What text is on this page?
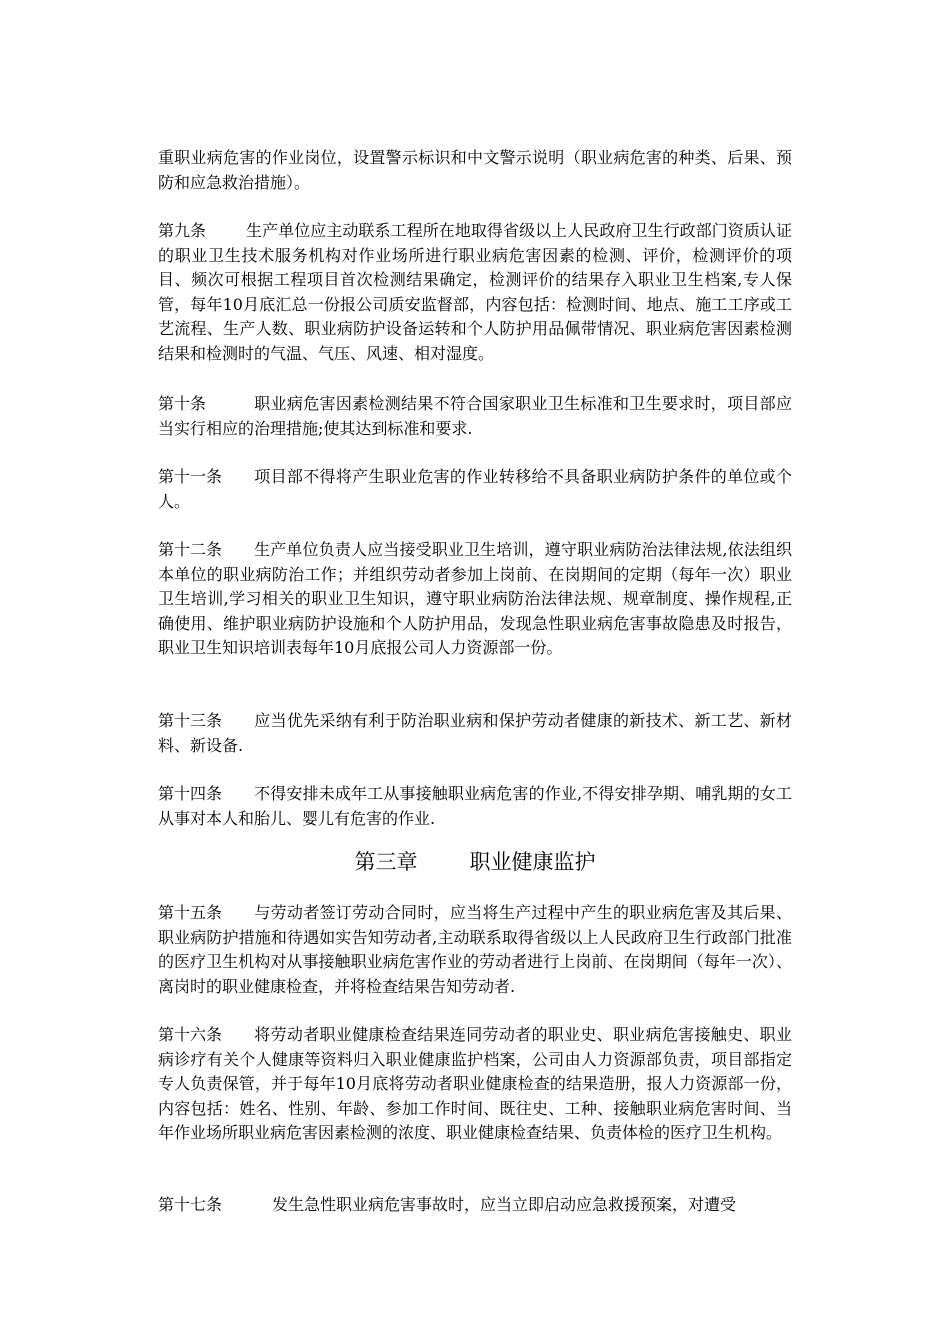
重职业病危害的作业岗位，设置警示标识和中文警示说明（职业病危害的种类、后果、预防和应急救治措施）。

第九条 生产单位应主动联系工程所在地取得省级以上人民政府卫生行政部门资质认证的职业卫生技术服务机构对作业场所进行职业病危害因素的检测、评价，检测评价的项目、频次可根据工程项目首次检测结果确定，检测评价的结果存入职业卫生档案,专人保管，每年10月底汇总一份报公司质安监督部，内容包括：检测时间、地点、施工工序或工艺流程、生产人数、职业病防护设备运转和个人防护用品佩带情况、职业病危害因素检测结果和检测时的气温、气压、风速、相对湿度。

第十条	职业病危害因素检测结果不符合国家职业卫生标准和卫生要求时，项目部应当实行相应的治理措施;使其达到标准和要求.

第十一条 项目部不得将产生职业危害的作业转移给不具备职业病防护条件的单位或个人。

第十二条 生产单位负责人应当接受职业卫生培训，遵守职业病防治法律法规,依法组织本单位的职业病防治工作；并组织劳动者参加上岗前、在岗期间的定期（每年一次）职业卫生培训,学习相关的职业卫生知识，遵守职业病防治法律法规、规章制度、操作规程,正确使用、维护职业病防护设施和个人防护用品，发现急性职业病危害事故隐患及时报告，职业卫生知识培训表每年10月底报公司人力资源部一份。

第十三条 应当优先采纳有利于防治职业病和保护劳动者健康的新技术、新工艺、新材料、新设备.

第十四条 不得安排未成年工从事接触职业病危害的作业,不得安排孕期、哺乳期的女工从事对本人和胎儿、婴儿有危害的作业.

第三章 职业健康监护

第十五条 与劳动者签订劳动合同时，应当将生产过程中产生的职业病危害及其后果、职业病防护措施和待遇如实告知劳动者,主动联系取得省级以上人民政府卫生行政部门批准的医疗卫生机构对从事接触职业病危害作业的劳动者进行上岗前、在岗期间（每年一次）、离岗时的职业健康检查，并将检查结果告知劳动者.

第十六条 将劳动者职业健康检查结果连同劳动者的职业史、职业病危害接触史、职业病诊疗有关个人健康等资料归入职业健康监护档案，公司由人力资源部负责，项目部指定专人负责保管，并于每年10月底将劳动者职业健康检查的结果造册，报人力资源部一份，内容包括：姓名、性别、年龄、参加工作时间、既往史、工种、接触职业病危害时间、当年作业场所职业病危害因素检测的浓度、职业健康检查结果、负责体检的医疗卫生机构。

第十七条	发生急性职业病危害事故时，应当立即启动应急救援预案，对遭受
